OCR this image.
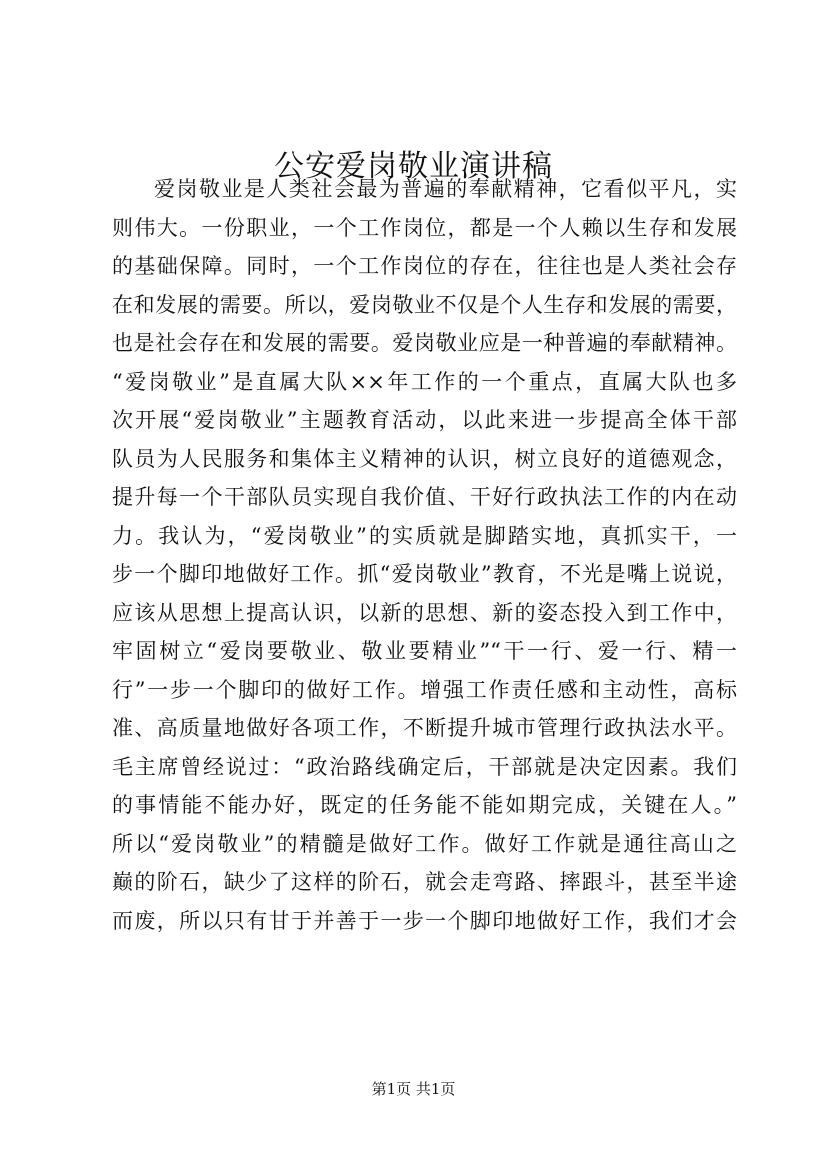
公安爱岗敬业演讲稿
爱岗敬业是人类社会最为普遍的奉献精神，它看似平凡，实
则伟大。一份职业，一个工作岗位，都是一个人赖以生存和发展
的基础保障。同时，一个工作岗位的存在，往往也是人类社会存
在和发展的需要。所以，爱岗敬业不仅是个人生存和发展的需要，
也是社会存在和发展的需要。爱岗敬业应是一种普遍的奉献精神。
“爱岗敬业”是直属大队××年工作的一个重点，直属大队也多
次开展“爱岗敬业”主题教育活动，以此来进一步提高全体干部
队员为人民服务和集体主义精神的认识，树立良好的道德观念，
提升每一个干部队员实现自我价值、干好行政执法工作的内在动
力。我认为，“爱岗敬业”的实质就是脚踏实地，真抓实干，一
步一个脚印地做好工作。抓“爱岗敬业”教育，不光是嘴上说说，
应该从思想上提高认识，以新的思想、新的姿态投入到工作中，
牢固树立“爱岗要敬业、敬业要精业”“干一行、爱一行、精一
行”一步一个脚印的做好工作。增强工作责任感和主动性，高标
准、高质量地做好各项工作，不断提升城市管理行政执法水平。
毛主席曾经说过：“政治路线确定后，干部就是决定因素。我们
的事情能不能办好，既定的任务能不能如期完成，关键在人。”
所以“爱岗敬业”的精髓是做好工作。做好工作就是通往高山之
巅的阶石，缺少了这样的阶石，就会走弯路、摔跟斗，甚至半途
而废，所以只有甘于并善于一步一个脚印地做好工作，我们才会
第1页 共1页
